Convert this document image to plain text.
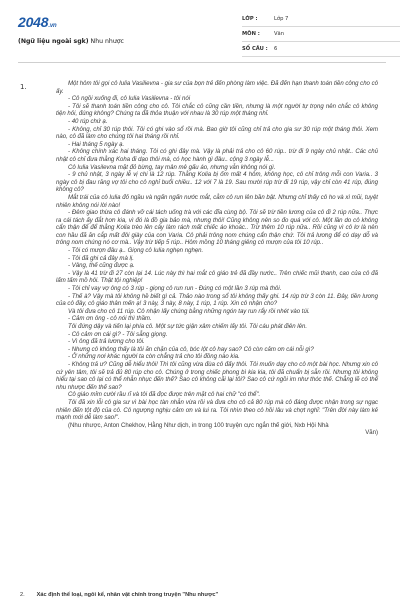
2048.vn
(Ngữ liệu ngoài sgk) Nhu nhược
LỚP :	Lớp 7
MÔN :	Văn
SỐ CÂU : 6
1.	Một hôm tôi gọi cô Iulia Vasilievna - gia sư của bọn trẻ đến phòng làm việc. Đã đến hạn thanh toán tiền công cho cô ấy.

- Cô ngồi xuống đi, cô Iulia Vasilievna - tôi nói

- Tôi sẽ thanh toán tiền công cho cô. Tôi chắc cô cũng cần tiền, nhưng là một người tự trọng nên chắc cô không tiện hỏi, đúng không? Chúng ta đã thỏa thuận với nhau là 30 rúp một tháng nhỉ.

- 40 rúp chứ ạ.

- Không, chỉ 30 rúp thôi. Tôi có ghi vào sổ rồi mà. Bao giờ tôi cũng chỉ trả cho gia sư 30 rúp một tháng thôi. Xem nào, cô đã làm cho chúng tôi hai tháng rồi nhỉ.

- Hai tháng 5 ngày ạ.

- Không chính xác hai tháng. Tôi có ghi đây mà. Vậy là phải trả cho cô 60 rúp.. trừ đi 9 ngày chủ nhật.. Các chủ nhật cô chỉ đưa thằng Koha đi dạo thôi mà, có học hành gì đâu.. cộng 3 ngày lễ...

Cô Iulia Vasilevna mặt đỏ bừng, tay mân mê gấu áo, nhưng vẫn không nói gì.

- 9 chủ nhật, 3 ngày lễ vị chi là 12 rúp. Thằng Kolia bị ốm mất 4 hôm, không học, cô chỉ trông mỗi con Varia.. 3 ngày cô bị đau răng vợ tôi cho cô nghỉ buổi chiều.. 12 với 7 là 19. Sau mười rúp trừ đi 19 rúp, vậy chỉ còn 41 rúp, đúng không cô?

Mắt trái của cô Iulia đỏ ngầu và ngấn ngấn nước mắt, cằm cô run lên bần bật. Nhưng chỉ thấy cô ho và xì mũi, tuyệt nhiên không nói lời nào!

- Đêm giao thừa cô đánh vỡ cái tách uống trà với các đĩa cùng bộ. Tôi sẽ trừ tiền lương của cô đi 2 rúp nữa.. Thực ra cái tách ấy đắt hơn kia, vì đó là đồ gia bảo mà, nhưng thôi! Cũng không nên so đo quá với cô. Một lần do cô không cẩn thận để để thằng Kolia trèo lên cây làm rách mất chiếc áo khoác.. Trừ thêm 10 rúp nữa.. Rồi cũng vì cô lơ là nên con hầu đã ăn cắp mất đôi giày của con Varia. Cô phải trông nom chúng cẩn thận chứ. Tôi trả lương để có dạy dỗ và trông nom chúng nó cơ mà.. Vậy trừ tiếp 5 rúp.. Hôm mồng 10 tháng giêng cô mượn của tôi 10 rúp..

- Tôi có mượn đâu ạ.. Giọng cô Iulia nghẹn nghẹn.

- Tôi đã ghi cả đây mà lị.

- Vâng, thế cũng được ạ.

- Vậy là 41 trừ đi 27 còn lại 14. Lúc này thì hai mắt cô giáo trẻ đã đầy nước.. Trên chiếc mũi thanh, cao của cô đã lấm tấm mồ hôi. Thật tội nghiệp!

- Tôi chỉ vay vợ ông có 3 rúp - giọng cô run run - Đúng có một lần 3 rúp mà thôi.

- Thế à? Vậy mà tôi không hề biết gì cả. Thảo nào trong sổ tôi không thấy ghi. 14 rúp trừ 3 còn 11. Đây, tiền lương của cô đây, cô giáo thân mến ạ! 3 này, 3 này, 8 này, 1 rúp, 1 rúp. Xin cô nhận cho?

Và tôi đưa cho cô 11 rúp. Cô nhận lấy chúng bằng những ngón tay run rẩy rồi nhét vào túi.

- Cảm ơn ông - cô nói thì thầm.

Tôi đứng dậy và tiến lại phía cô. Một sự tức giận xâm chiếm lấy tôi. Tôi cáu phát điên lên.

- Cô cảm ơn cái gì? - Tôi sẵng giọng.

- Vì ông đã trả lương cho tôi.

- Nhưng cô không thấy là tôi ăn chặn của cô, bóc lột cô hay sao? Cô còn cảm ơn cái nỗi gì?

- Ở những nơi khác người ta còn chẳng trả cho tôi đồng nào kia.

- Không trả ư? Cũng dễ hiểu thôi! Thì tôi cũng vừa đùa cô đấy thôi. Tôi muốn dạy cho cô một bài học. Nhưng xin cô cứ yên tâm, tôi sẽ trả đủ 80 rúp cho cô. Chúng ở trong chiếc phong bì kia kia, tôi đã chuẩn bị sẵn rồi. Nhưng tôi không hiểu tại sao cô lại có thể nhẫn nhục đến thế? Sao cô không cãi lại tôi? Sao cô cứ ngồi im như thóc thế. Chẳng lẽ có thể nhu nhược đến thế sao?

Cô giáo mỉm cười rầu rĩ và tôi đã đọc được trên mặt cô hai chữ "có thể".

Tôi đã xin lỗi cô gia sư vì bài học tàn nhẫn vừa rồi và đưa cho cô cả 80 rúp mà cô đáng được nhận trong sự ngạc nhiên đến tột độ của cô. Cô ngượng nghịu cảm ơn và lui ra. Tôi nhìn theo cô hồi lâu và chợt nghĩ: "Trên đời này làm kẻ mạnh mới dễ làm sao!".

(Nhu nhược, Anton Chekhov, Hằng Như dịch, in trong 100 truyện cực ngắn thế giới, Nxb Hội Nhà

Văn)
2. Xác định thể loại, ngôi kể, nhân vật chính trong truyện "Nhu nhược"
